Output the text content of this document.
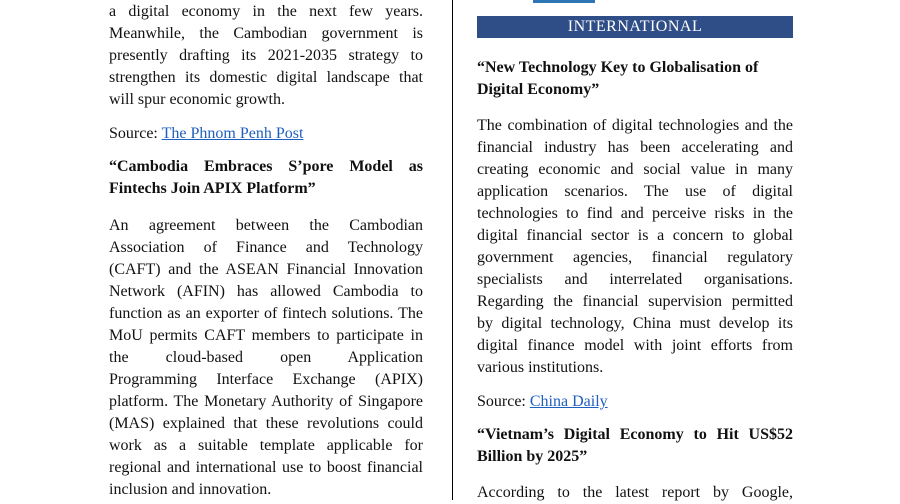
a digital economy in the next few years.

Meanwhile, the Cambodian government is

presently drafting its 2021-2035 strategy to

strengthen its domestic digital landscape that

will spur economic growth.

Source: The Phnom Penh Post

“Cambodia Embraces S’pore Model as

Fintechs Join APIX Platform”

An agreement between the Cambodian

Association of Finance and Technology

(CAFT) and the ASEAN Financial Innovation

Network (AFIN) has allowed Cambodia to

function as an exporter of fintech solutions. The

MoU permits CAFT members to participate in

the cloud-based open Application

Programming Interface Exchange (APIX)

platform. The Monetary Authority of Singapore

(MAS) explained that these revolutions could

work as a suitable template applicable for

regional and international use to boost financial

inclusion and innovation.

INTERNATIONAL

“New Technology Key to Globalisation of

Digital Economy”

The combination of digital technologies and the

financial industry has been accelerating and

creating economic and social value in many

application scenarios. The use of digital

technologies to find and perceive risks in the

digital financial sector is a concern to global

government agencies, financial regulatory

specialists and interrelated organisations.

Regarding the financial supervision permitted

by digital technology, China must develop its

digital finance model with joint efforts from

various institutions.

Source: China Daily

“Vietnam’s Digital Economy to Hit US$52

Billion by 2025”

According to the latest report by Google,
